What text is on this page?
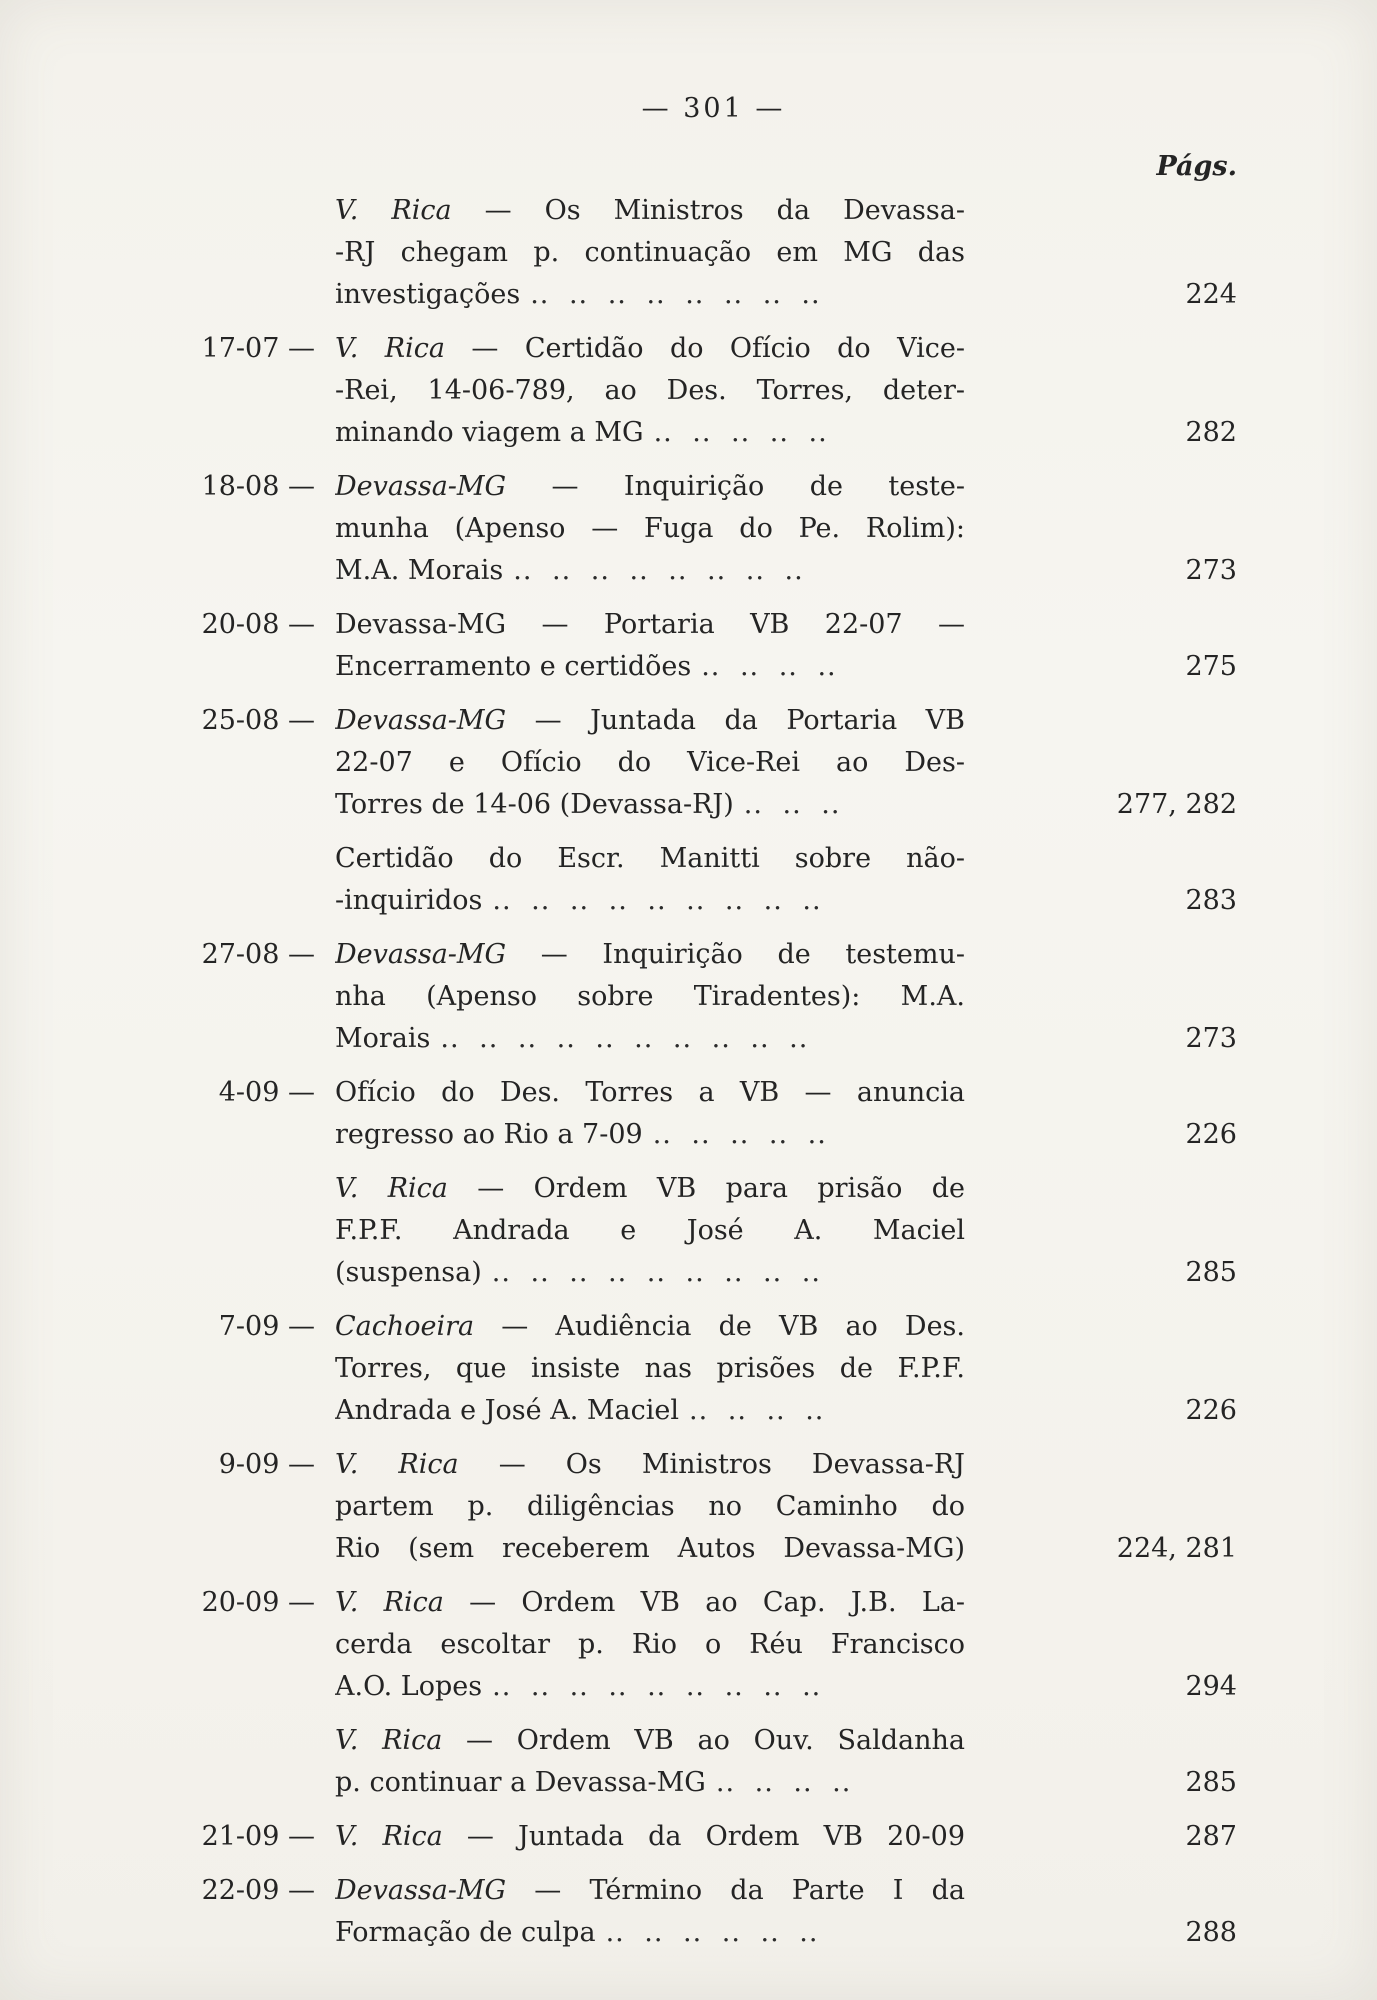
— 301 —
Págs.
V. Rica — Os Ministros da Devassa-
-RJ chegam p. continuação em MG das
investigações .. .. .. .. .. .. .. ..	224
17-07 — V. Rica — Certidão do Ofício do Vice-
-Rei, 14-06-789, ao Des. Torres, deter-
minando viagem a MG .. .. .. .. ..	282
18-08 — Devassa-MG — Inquirição de teste-
munha (Apenso — Fuga do Pe. Rolim):
M.A. Morais .. .. .. .. .. .. .. ..	273
20-08 — Devassa-MG — Portaria VB 22-07 —
Encerramento e certidões .. .. .. ..	275
25-08 — Devassa-MG — Juntada da Portaria VB
22-07 e Ofício do Vice-Rei ao Des-
Torres de 14-06 (Devassa-RJ) .. .. ..	277, 282
Certidão do Escr. Manitti sobre não-
-inquiridos .. .. .. .. .. .. .. .. ..	283
27-08 — Devassa-MG — Inquirição de testemu-
nha (Apenso sobre Tiradentes): M.A.
Morais .. .. .. .. .. .. .. .. .. ..	273
4-09 — Ofício do Des. Torres a VB — anuncia
regresso ao Rio a 7-09 .. .. .. .. ..	226
V. Rica — Ordem VB para prisão de
F.P.F. Andrada e José A. Maciel
(suspensa) .. .. .. .. .. .. .. .. ..	285
7-09 — Cachoeira — Audiência de VB ao Des.
Torres, que insiste nas prisões de F.P.F.
Andrada e José A. Maciel .. .. .. ..	226
9-09 — V. Rica — Os Ministros Devassa-RJ
partem p. diligências no Caminho do
Rio (sem receberem Autos Devassa-MG)	224, 281
20-09 — V. Rica — Ordem VB ao Cap. J.B. La-
cerda escoltar p. Rio o Réu Francisco
A.O. Lopes .. .. .. .. .. .. .. .. ..	294
V. Rica — Ordem VB ao Ouv. Saldanha
p. continuar a Devassa-MG .. .. .. ..	285
21-09 — V. Rica — Juntada da Ordem VB 20-09	287
22-09 — Devassa-MG — Término da Parte I da
Formação de culpa .. .. .. .. .. ..	288
